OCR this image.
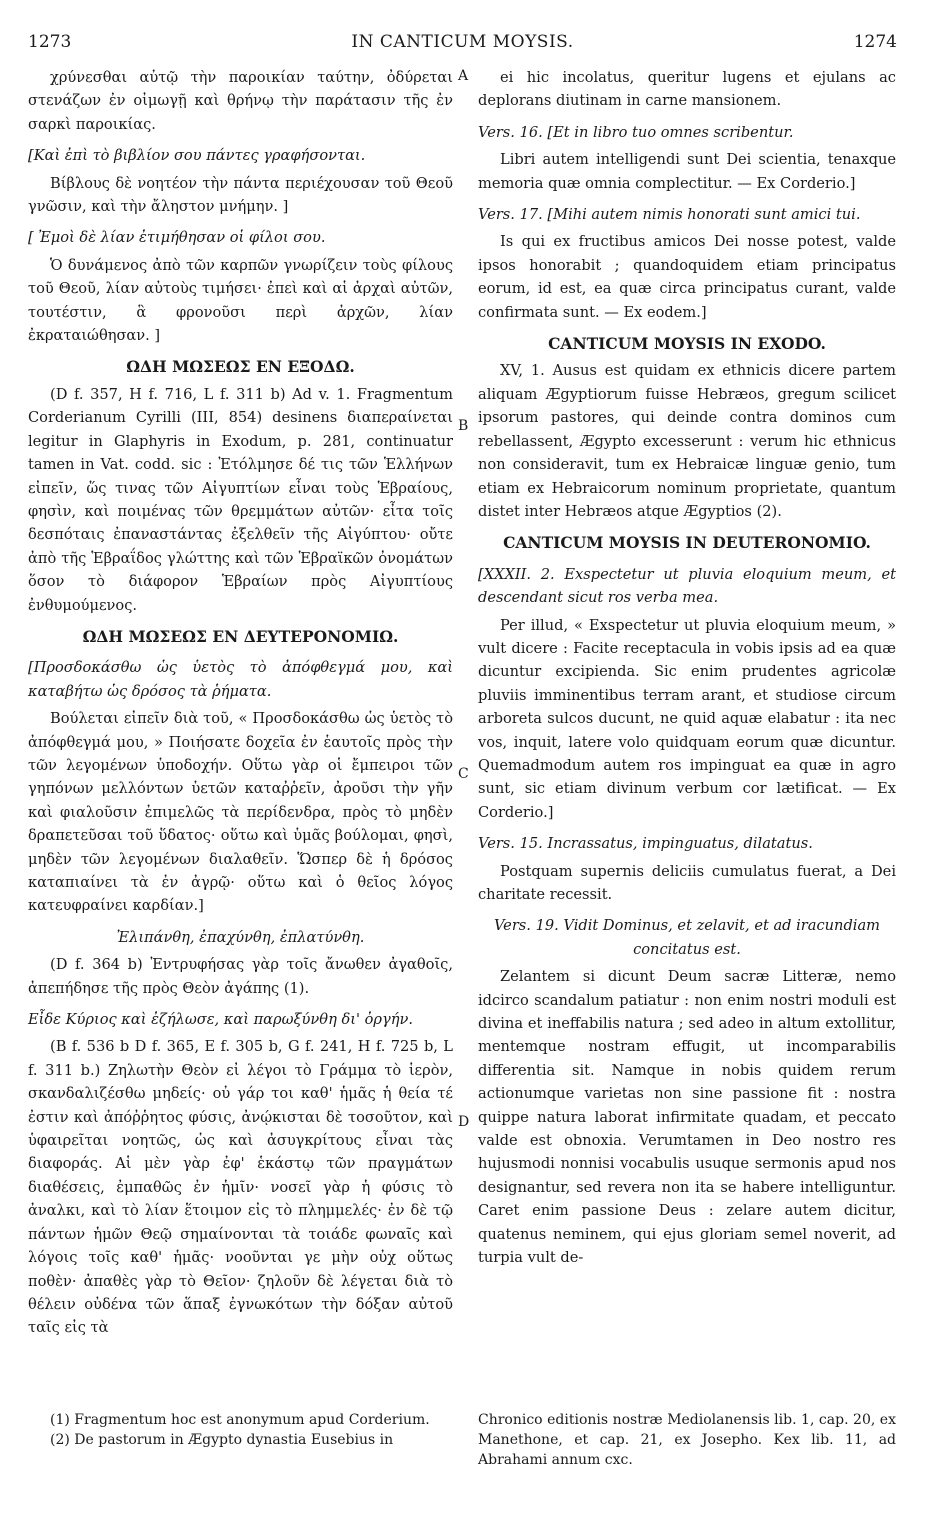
1273	IN CANTICUM MOYSIS.	1274

χρύνεσθαι αὐτῷ τὴν παροικίαν ταύτην, ὀδύρεται στενάζων ἐν οἰμωγῇ καὶ θρήνῳ τὴν παράτασιν τῆς ἐν σαρκὶ παροικίας.

[Καὶ ἐπὶ τὸ βιβλίον σου πάντες γραφήσονται.

Βίβλους δὲ νοητέον τὴν πάντα περιέχουσαν τοῦ Θεοῦ γνῶσιν, καὶ τὴν ἄληστον μνήμην. ]

[ Ἐμοὶ δὲ λίαν ἐτιμήθησαν οἱ φίλοι σου.

Ὁ δυνάμενος ἀπὸ τῶν καρπῶν γνωρίζειν τοὺς φίλους τοῦ Θεοῦ, λίαν αὐτοὺς τιμήσει· ἐπεὶ καὶ αἱ ἀρχαὶ αὐτῶν, τουτέστιν, ἃ φρονοῦσι περὶ ἀρχῶν, λίαν ἐκραταιώθησαν. ]

ΩΔΗ ΜΩΣΕΩΣ ΕΝ ΕΞΟΔΩ.

(D f. 357, H f. 716, L f. 311 b) Ad v. 1. Fragmentum Corderianum Cyrilli (III, 854) desinens διαπεραίνεται legitur in Glaphyris in Exodum, p. 281, continuatur tamen in Vat. codd. sic : Ἐτόλμησε δέ τις τῶν Ἑλλήνων εἰπεῖν, ὥς τινας τῶν Αἰγυπτίων εἶναι τοὺς Ἑβραίους, φησὶν, καὶ ποιμένας τῶν θρεμμάτων αὐτῶν· εἶτα τοῖς δεσπόταις ἐπαναστάντας ἐξελθεῖν τῆς Αἰγύπτου· οὔτε ἀπὸ τῆς Ἑβραΐδος γλώττης καὶ τῶν Ἑβραϊκῶν ὀνομάτων ὅσον τὸ διάφορον Ἑβραίων πρὸς Αἰγυπτίους ἐνθυμούμενος.

ΩΔΗ ΜΩΣΕΩΣ ΕΝ ΔΕΥΤΕΡΟΝΟΜΙΩ.

[Προσδοκάσθω ὡς ὑετὸς τὸ ἀπόφθεγμά μου, καὶ καταβήτω ὡς δρόσος τὰ ῥήματα.

Βούλεται εἰπεῖν διὰ τοῦ, « Προσδοκάσθω ὡς ὑετὸς τὸ ἀπόφθεγμά μου, » Ποιήσατε δοχεῖα ἐν ἑαυτοῖς πρὸς τὴν τῶν λεγομένων ὑποδοχήν. Οὕτω γὰρ οἱ ἔμπειροι τῶν γηπόνων μελλόντων ὑετῶν καταῤῥεῖν, ἀροῦσι τὴν γῆν καὶ φιαλοῦσιν ἐπιμελῶς τὰ περίδενδρα, πρὸς τὸ μηδὲν δραπετεῦσαι τοῦ ὕδατος· οὕτω καὶ ὑμᾶς βούλομαι, φησὶ, μηδὲν τῶν λεγομένων διαλαθεῖν. Ὥσπερ δὲ ἡ δρόσος καταπιαίνει τὰ ἐν ἀγρῷ· οὕτω καὶ ὁ θεῖος λόγος κατευφραίνει καρδίαν.]

Ἐλιπάνθη, ἐπαχύνθη, ἐπλατύνθη.

(D f. 364 b) Ἐντρυφήσας γὰρ τοῖς ἄνωθεν ἀγαθοῖς, ἀπεπήδησε τῆς πρὸς Θεὸν ἀγάπης (1).

Εἶδε Κύριος καὶ ἐζήλωσε, καὶ παρωξύνθη δι' ὀργήν.

(B f. 536 b D f. 365, E f. 305 b, G f. 241, H f. 725 b, L f. 311 b.) Ζηλωτὴν Θεὸν εἰ λέγοι τὸ Γράμμα τὸ ἱερὸν, σκανδαλιζέσθω μηδείς· οὐ γάρ τοι καθ' ἡμᾶς ἡ θεία τέ ἐστιν καὶ ἀπόῤῥητος φύσις, ἀνῴκισται δὲ τοσοῦτον, καὶ ὑφαιρεῖται νοητῶς, ὡς καὶ ἀσυγκρίτους εἶναι τὰς διαφοράς. Αἱ μὲν γὰρ ἐφ' ἑκάστῳ τῶν πραγμάτων διαθέσεις, ἐμπαθῶς ἐν ἡμῖν· νοσεῖ γὰρ ἡ φύσις τὸ ἀναλκι, καὶ τὸ λίαν ἕτοιμον εἰς τὸ πλημμελές· ἐν δὲ τῷ πάντων ἡμῶν Θεῷ σημαίνονται τὰ τοιάδε φωναῖς καὶ λόγοις τοῖς καθ' ἡμᾶς· νοοῦνται γε μὴν οὐχ οὕτως ποθὲν· ἀπαθὲς γὰρ τὸ Θεῖον· ζηλοῦν δὲ λέγεται διὰ τὸ θέλειν οὐδένα τῶν ἅπαξ ἐγνωκότων τὴν δόξαν αὐτοῦ ταῖς εἰς τὰ

ei hic incolatus, queritur lugens et ejulans ac deplorans diutinam in carne mansionem.

Vers. 16. [Et in libro tuo omnes scribentur.

Libri autem intelligendi sunt Dei scientia, tenaxque memoria quæ omnia complectitur. — Ex Corderio.]

Vers. 17. [Mihi autem nimis honorati sunt amici tui.

Is qui ex fructibus amicos Dei nosse potest, valde ipsos honorabit ; quandoquidem etiam principatus eorum, id est, ea quæ circa principatus curant, valde confirmata sunt. — Ex eodem.]

CANTICUM MOYSIS IN EXODO.

XV, 1. Ausus est quidam ex ethnicis dicere partem aliquam Ægyptiorum fuisse Hebræos, gregum scilicet ipsorum pastores, qui deinde contra dominos cum rebellassent, Ægypto excesserunt : verum hic ethnicus non consideravit, tum ex Hebraicæ linguæ genio, tum etiam ex Hebraicorum nominum proprietate, quantum distet inter Hebræos atque Ægyptios (2).

CANTICUM MOYSIS IN DEUTERONOMIO.

[XXXII. 2. Exspectetur ut pluvia eloquium meum, et descendant sicut ros verba mea.

Per illud, « Exspectetur ut pluvia eloquium meum, » vult dicere : Facite receptacula in vobis ipsis ad ea quæ dicuntur excipienda. Sic enim prudentes agricolæ pluviis imminentibus terram arant, et studiose circum arboreta sulcos ducunt, ne quid aquæ elabatur : ita nec vos, inquit, latere volo quidquam eorum quæ dicuntur. Quemadmodum autem ros impinguat ea quæ in agro sunt, sic etiam divinum verbum cor lætificat. — Ex Corderio.]

Vers. 15. Incrassatus, impinguatus, dilatatus.

Postquam supernis deliciis cumulatus fuerat, a Dei charitate recessit.

Vers. 19. Vidit Dominus, et zelavit, et ad iracundiam concitatus est.

Zelantem si dicunt Deum sacræ Litteræ, nemo idcirco scandalum patiatur : non enim nostri moduli est divina et ineffabilis natura ; sed adeo in altum extollitur, mentemque nostram effugit, ut incomparabilis differentia sit. Namque in nobis quidem rerum actionumque varietas non sine passione fit : nostra quippe natura laborat infirmitate quadam, et peccato valde est obnoxia. Verumtamen in Deo nostro res hujusmodi nonnisi vocabulis usuque sermonis apud nos designantur, sed revera non ita se habere intelliguntur. Caret enim passione Deus : zelare autem dicitur, quatenus neminem, qui ejus gloriam semel noverit, ad turpia vult de-

A
B
C
D

(1) Fragmentum hoc est anonymum apud Corderium.

(2) De pastorum in Ægypto dynastia Eusebius in

Chronico editionis nostræ Mediolanensis lib. 1, cap. 20, ex Manethone, et cap. 21, ex Josepho. Kex lib. 11, ad Abrahami annum cxc.
